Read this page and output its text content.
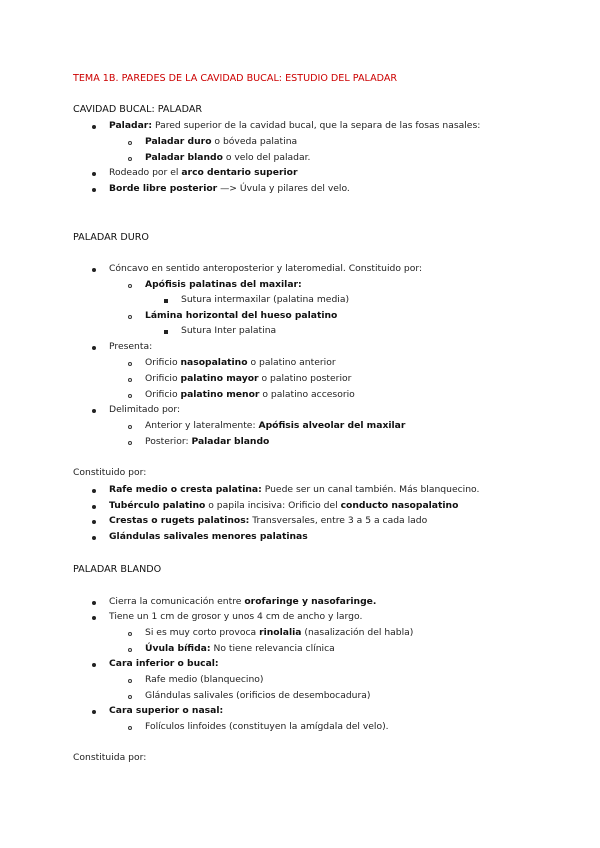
TEMA 1B. PAREDES DE LA CAVIDAD BUCAL: ESTUDIO DEL PALADAR
CAVIDAD BUCAL: PALADAR
Paladar: Pared superior de la cavidad bucal, que la separa de las fosas nasales:
Paladar duro o bóveda palatina
Paladar blando o velo del paladar.
Rodeado por el arco dentario superior
Borde libre posterior —> Úvula y pilares del velo.
PALADAR DURO
Cóncavo en sentido anteroposterior y lateromedial. Constituido por:
Apófisis palatinas del maxilar:
Sutura intermaxilar (palatina media)
Lámina horizontal del hueso palatino
Sutura Inter palatina
Presenta:
Orificio nasopalatino o palatino anterior
Orificio palatino mayor o palatino posterior
Orificio palatino menor o palatino accesorio
Delimitado por:
Anterior y lateralmente: Apófisis alveolar del maxilar
Posterior: Paladar blando
Constituido por:
Rafe medio o cresta palatina: Puede ser un canal también. Más blanquecino.
Tubérculo palatino o papila incisiva: Orificio del conducto nasopalatino
Crestas o rugets palatinos: Transversales, entre 3 a 5 a cada lado
Glándulas salivales menores palatinas
PALADAR BLANDO
Cierra la comunicación entre orofaringe y nasofaringe.
Tiene un 1 cm de grosor y unos 4 cm de ancho y largo.
Si es muy corto provoca rinolalia (nasalización del habla)
Úvula bífida: No tiene relevancia clínica
Cara inferior o bucal:
Rafe medio (blanquecino)
Glándulas salivales (orificios de desembocadura)
Cara superior o nasal:
Folículos linfoides (constituyen la amígdala del velo).
Constituida por:
